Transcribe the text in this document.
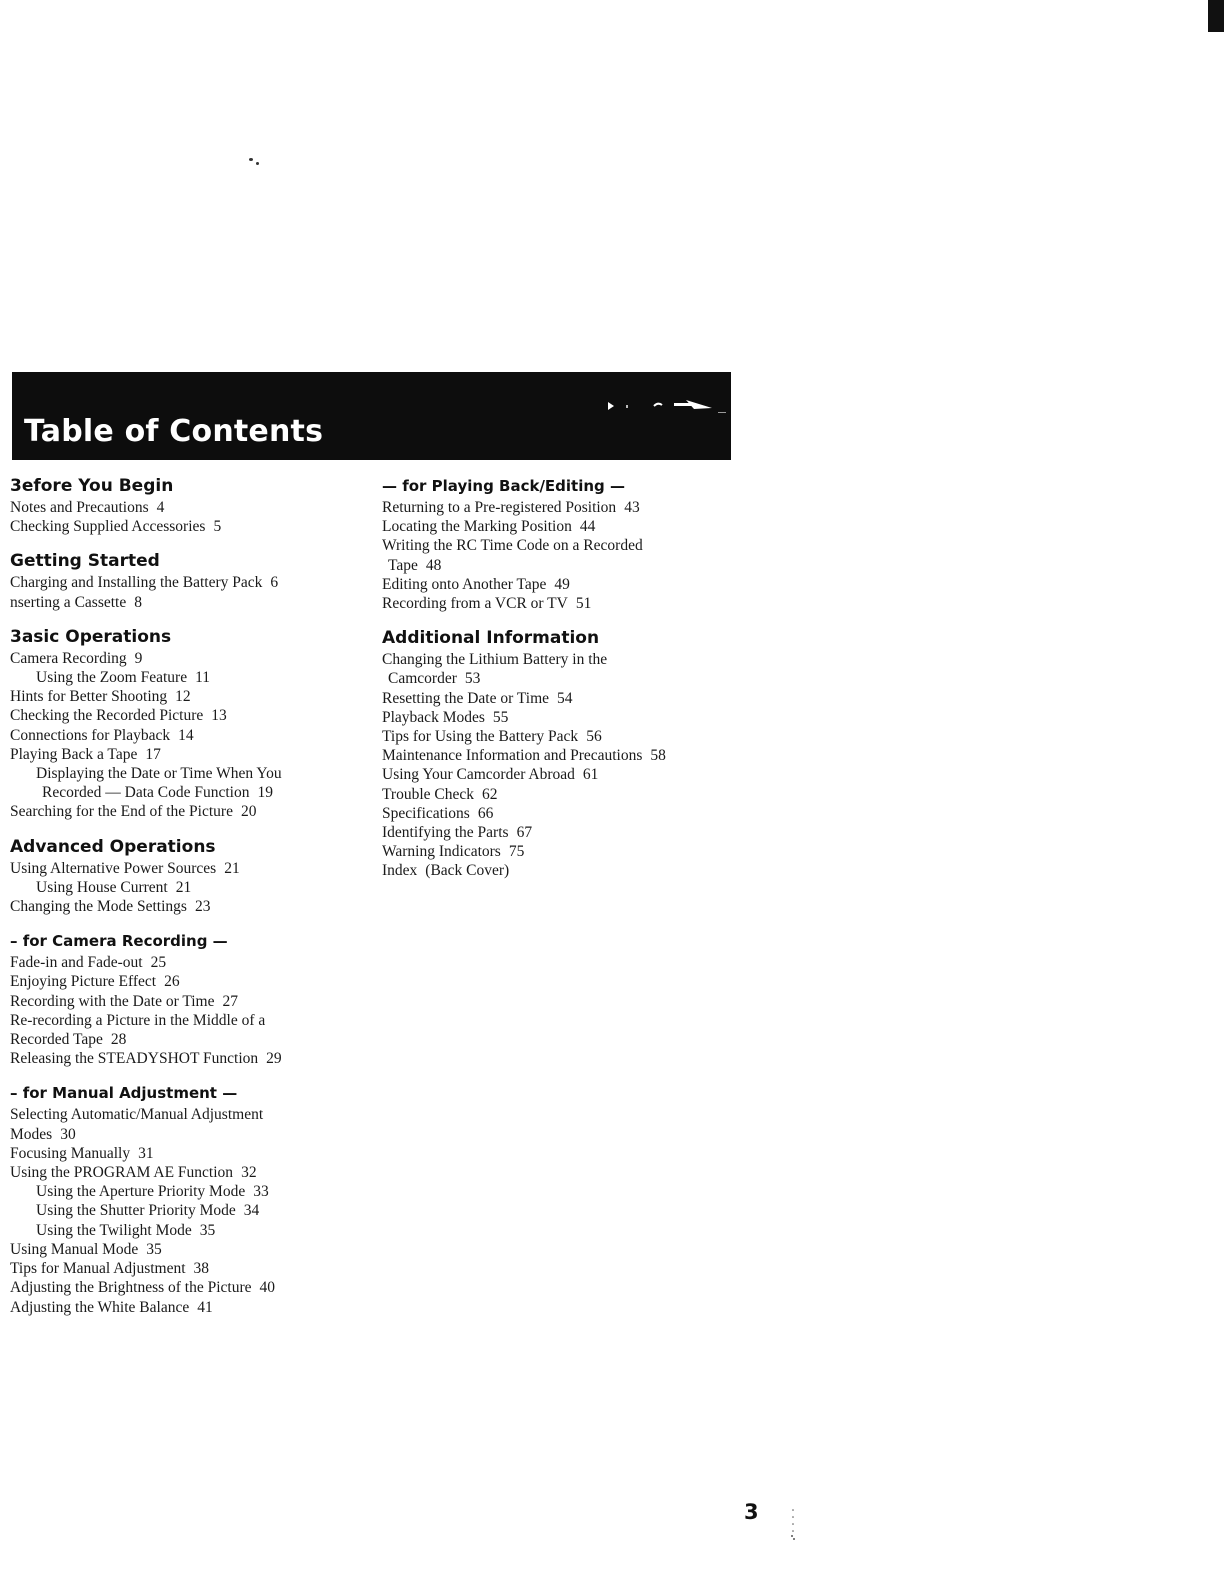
Table of Contents
3efore You Begin
Notes and Precautions 4
Checking Supplied Accessories 5
Getting Started
Charging and Installing the Battery Pack 6
nserting a Cassette 8
3asic Operations
Camera Recording 9
Using the Zoom Feature 11
Hints for Better Shooting 12
Checking the Recorded Picture 13
Connections for Playback 14
Playing Back a Tape 17
Displaying the Date or Time When You
Recorded — Data Code Function 19
Searching for the End of the Picture 20
Advanced Operations
Using Alternative Power Sources 21
Using House Current 21
Changing the Mode Settings 23
– for Camera Recording —
Fade-in and Fade-out 25
Enjoying Picture Effect 26
Recording with the Date or Time 27
Re-recording a Picture in the Middle of a
Recorded Tape 28
Releasing the STEADYSHOT Function 29
– for Manual Adjustment —
Selecting Automatic/Manual Adjustment
Modes 30
Focusing Manually 31
Using the PROGRAM AE Function 32
Using the Aperture Priority Mode 33
Using the Shutter Priority Mode 34
Using the Twilight Mode 35
Using Manual Mode 35
Tips for Manual Adjustment 38
Adjusting the Brightness of the Picture 40
Adjusting the White Balance 41
— for Playing Back/Editing —
Returning to a Pre-registered Position 43
Locating the Marking Position 44
Writing the RC Time Code on a Recorded
Tape 48
Editing onto Another Tape 49
Recording from a VCR or TV 51
Additional Information
Changing the Lithium Battery in the
Camcorder 53
Resetting the Date or Time 54
Playback Modes 55
Tips for Using the Battery Pack 56
Maintenance Information and Precautions 58
Using Your Camcorder Abroad 61
Trouble Check 62
Specifications 66
Identifying the Parts 67
Warning Indicators 75
Index (Back Cover)
3
